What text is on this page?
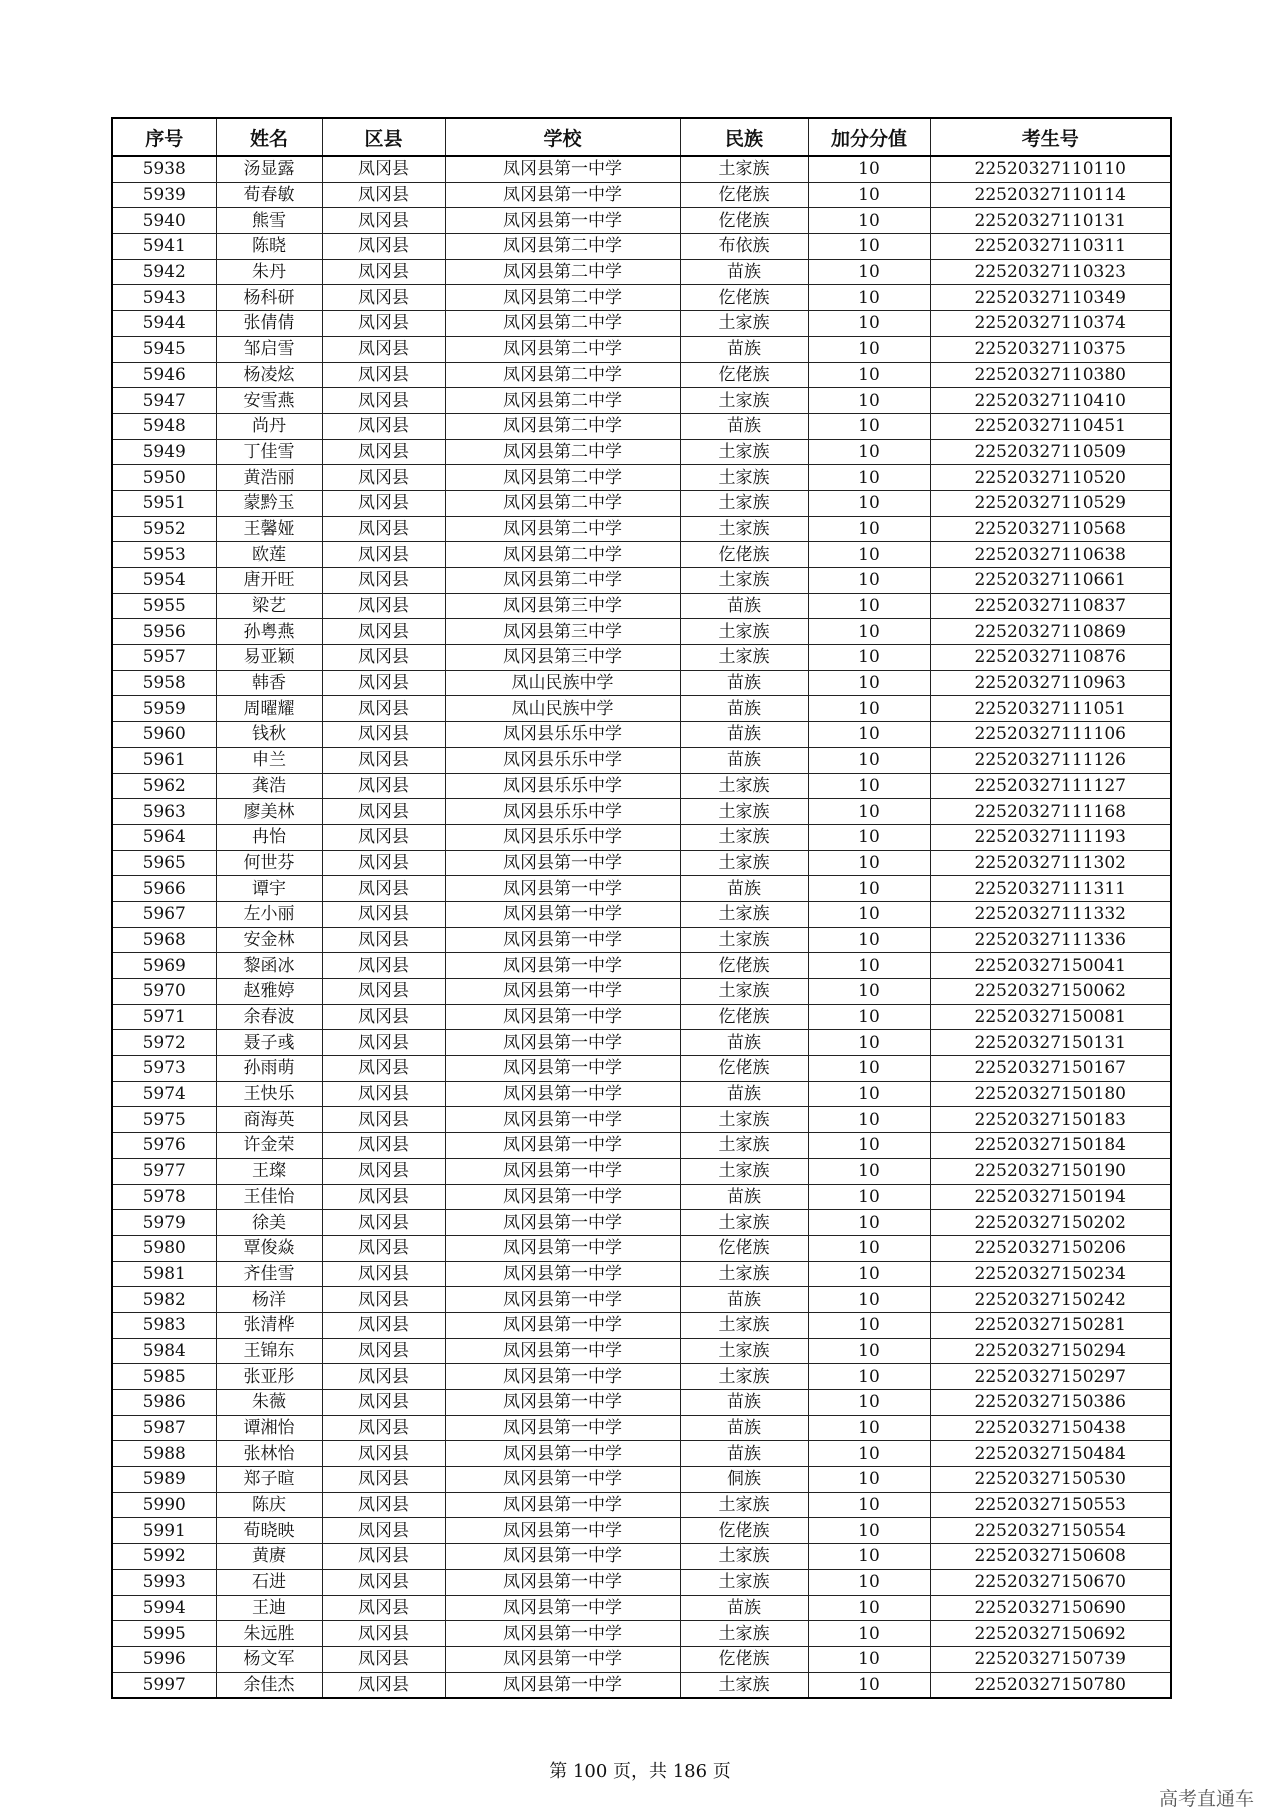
序号	姓名	区县	学校	民族	加分分值	考生号
5938	汤显露	凤冈县	凤冈县第一中学	土家族	10	22520327110110
5939	荀春敏	凤冈县	凤冈县第一中学	仡佬族	10	22520327110114
5940	熊雪	凤冈县	凤冈县第一中学	仡佬族	10	22520327110131
5941	陈晓	凤冈县	凤冈县第二中学	布依族	10	22520327110311
5942	朱丹	凤冈县	凤冈县第二中学	苗族	10	22520327110323
5943	杨科研	凤冈县	凤冈县第二中学	仡佬族	10	22520327110349
5944	张倩倩	凤冈县	凤冈县第二中学	土家族	10	22520327110374
5945	邹启雪	凤冈县	凤冈县第二中学	苗族	10	22520327110375
5946	杨凌炫	凤冈县	凤冈县第二中学	仡佬族	10	22520327110380
5947	安雪燕	凤冈县	凤冈县第二中学	土家族	10	22520327110410
5948	尚丹	凤冈县	凤冈县第二中学	苗族	10	22520327110451
5949	丁佳雪	凤冈县	凤冈县第二中学	土家族	10	22520327110509
5950	黄浩丽	凤冈县	凤冈县第二中学	土家族	10	22520327110520
5951	蒙黔玉	凤冈县	凤冈县第二中学	土家族	10	22520327110529
5952	王馨娅	凤冈县	凤冈县第二中学	土家族	10	22520327110568
5953	欧莲	凤冈县	凤冈县第二中学	仡佬族	10	22520327110638
5954	唐开旺	凤冈县	凤冈县第二中学	土家族	10	22520327110661
5955	梁艺	凤冈县	凤冈县第三中学	苗族	10	22520327110837
5956	孙粤燕	凤冈县	凤冈县第三中学	土家族	10	22520327110869
5957	易亚颖	凤冈县	凤冈县第三中学	土家族	10	22520327110876
5958	韩香	凤冈县	凤山民族中学	苗族	10	22520327110963
5959	周曜耀	凤冈县	凤山民族中学	苗族	10	22520327111051
5960	钱秋	凤冈县	凤冈县乐乐中学	苗族	10	22520327111106
5961	申兰	凤冈县	凤冈县乐乐中学	苗族	10	22520327111126
5962	龚浩	凤冈县	凤冈县乐乐中学	土家族	10	22520327111127
5963	廖美林	凤冈县	凤冈县乐乐中学	土家族	10	22520327111168
5964	冉怡	凤冈县	凤冈县乐乐中学	土家族	10	22520327111193
5965	何世芬	凤冈县	凤冈县第一中学	土家族	10	22520327111302
5966	谭宇	凤冈县	凤冈县第一中学	苗族	10	22520327111311
5967	左小丽	凤冈县	凤冈县第一中学	土家族	10	22520327111332
5968	安金林	凤冈县	凤冈县第一中学	土家族	10	22520327111336
5969	黎函冰	凤冈县	凤冈县第一中学	仡佬族	10	22520327150041
5970	赵雅婷	凤冈县	凤冈县第一中学	土家族	10	22520327150062
5971	余春波	凤冈县	凤冈县第一中学	仡佬族	10	22520327150081
5972	聂子彧	凤冈县	凤冈县第一中学	苗族	10	22520327150131
5973	孙雨萌	凤冈县	凤冈县第一中学	仡佬族	10	22520327150167
5974	王快乐	凤冈县	凤冈县第一中学	苗族	10	22520327150180
5975	商海英	凤冈县	凤冈县第一中学	土家族	10	22520327150183
5976	许金荣	凤冈县	凤冈县第一中学	土家族	10	22520327150184
5977	王璨	凤冈县	凤冈县第一中学	土家族	10	22520327150190
5978	王佳怡	凤冈县	凤冈县第一中学	苗族	10	22520327150194
5979	徐美	凤冈县	凤冈县第一中学	土家族	10	22520327150202
5980	覃俊焱	凤冈县	凤冈县第一中学	仡佬族	10	22520327150206
5981	齐佳雪	凤冈县	凤冈县第一中学	土家族	10	22520327150234
5982	杨洋	凤冈县	凤冈县第一中学	苗族	10	22520327150242
5983	张清桦	凤冈县	凤冈县第一中学	土家族	10	22520327150281
5984	王锦东	凤冈县	凤冈县第一中学	土家族	10	22520327150294
5985	张亚彤	凤冈县	凤冈县第一中学	土家族	10	22520327150297
5986	朱薇	凤冈县	凤冈县第一中学	苗族	10	22520327150386
5987	谭湘怡	凤冈县	凤冈县第一中学	苗族	10	22520327150438
5988	张林怡	凤冈县	凤冈县第一中学	苗族	10	22520327150484
5989	郑子暄	凤冈县	凤冈县第一中学	侗族	10	22520327150530
5990	陈庆	凤冈县	凤冈县第一中学	土家族	10	22520327150553
5991	荀晓映	凤冈县	凤冈县第一中学	仡佬族	10	22520327150554
5992	黄赓	凤冈县	凤冈县第一中学	土家族	10	22520327150608
5993	石进	凤冈县	凤冈县第一中学	土家族	10	22520327150670
5994	王迪	凤冈县	凤冈县第一中学	苗族	10	22520327150690
5995	朱远胜	凤冈县	凤冈县第一中学	土家族	10	22520327150692
5996	杨文军	凤冈县	凤冈县第一中学	仡佬族	10	22520327150739
5997	余佳杰	凤冈县	凤冈县第一中学	土家族	10	22520327150780
第 100 页，共 186 页
高考直通车
